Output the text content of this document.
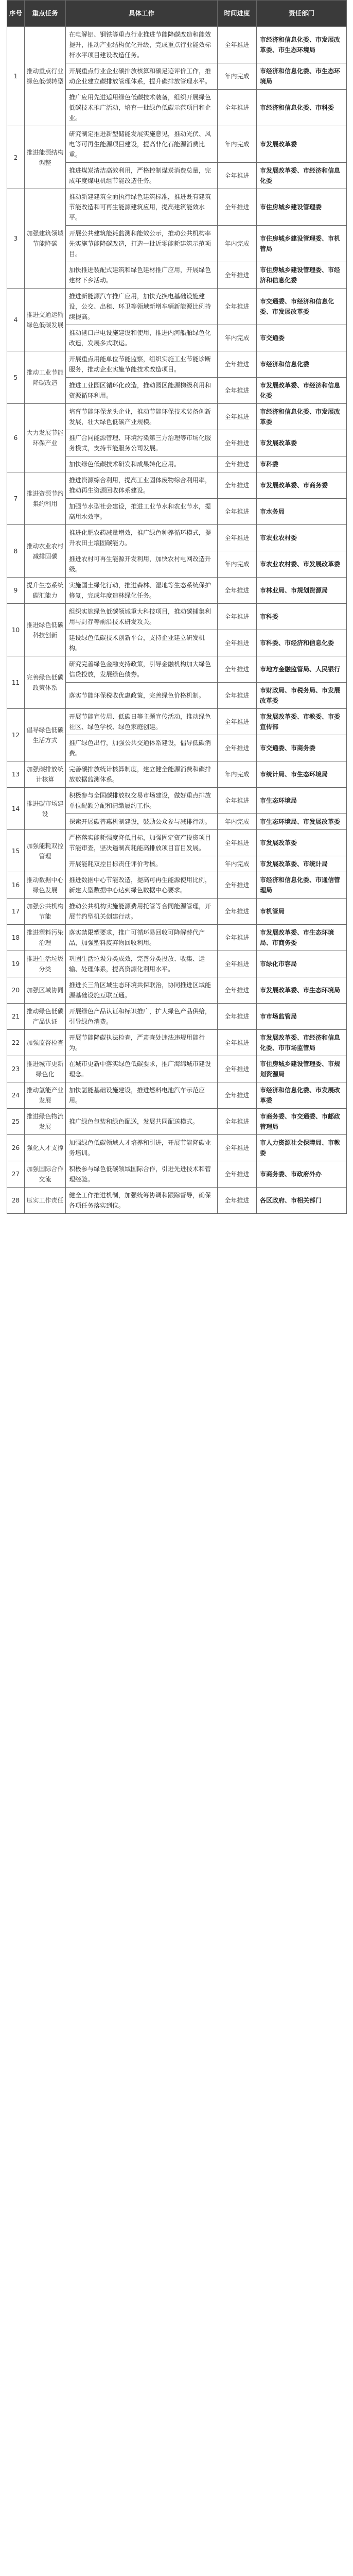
序号	重点任务	具体工作	时间进度	责任部门
1	推动重点行业绿色低碳转型	在电解铝、钢铁等重点行业推进节能降碳改造和能效提升，推动产业结构优化升级，完成重点行业能效标杆水平项目建设改造任务。	全年推进	市经济和信息化委、市发展改革委、市生态环境局
		开展重点行业企业碳排放核算和碳足迹评价工作，推动企业建立碳排放管理体系，提升碳排放管理水平。	年内完成	市经济和信息化委、市生态环境局
		推广应用先进适用绿色低碳技术装备，组织开展绿色低碳技术推广活动，培育一批绿色低碳示范项目和企业。	全年推进	市经济和信息化委、市科委
2	推进能源结构调整	研究制定推进新型储能发展实施意见，推动光伏、风电等可再生能源项目建设，提高非化石能源消费比重。	年内完成	市发展改革委
		推进煤炭清洁高效利用，严格控制煤炭消费总量，完成年度煤电机组节能改造任务。	全年推进	市发展改革委、市经济和信息化委
3	加强建筑领域节能降碳	推动新建建筑全面执行绿色建筑标准，推进既有建筑节能改造和可再生能源建筑应用，提高建筑能效水平。	全年推进	市住房城乡建设管理委
		开展公共建筑能耗监测和能效公示，推动公共机构率先实施节能降碳改造，打造一批近零能耗建筑示范项目。	年内完成	市住房城乡建设管理委、市机管局
		加快推进装配式建筑和绿色建材推广应用，开展绿色建材下乡活动。	全年推进	市住房城乡建设管理委、市经济和信息化委
4	推进交通运输绿色低碳发展	推进新能源汽车推广应用，加快充换电基础设施建设，公交、出租、环卫等领域新增车辆新能源比例持续提高。	全年推进	市交通委、市经济和信息化委、市发展改革委
		推动港口岸电设施建设和使用，推进内河船舶绿色化改造，发展多式联运。	年内完成	市交通委
5	推动工业节能降碳改造	开展重点用能单位节能监察，组织实施工业节能诊断服务，推动企业实施节能技术改造项目。	全年推进	市经济和信息化委
		推进工业园区循环化改造，推动园区能源梯级利用和资源循环利用。	全年推进	市发展改革委、市经济和信息化委
6	大力发展节能环保产业	培育节能环保龙头企业，推动节能环保技术装备创新发展，壮大绿色低碳产业规模。	全年推进	市经济和信息化委、市发展改革委
		推广合同能源管理、环境污染第三方治理等市场化服务模式，支持节能服务公司发展。	全年推进	市发展改革委
		加快绿色低碳技术研发和成果转化应用。	全年推进	市科委
7	推进资源节约集约利用	推进资源综合利用，提高工业固体废物综合利用率，推动再生资源回收体系建设。	全年推进	市发展改革委、市商务委
		加强节水型社会建设，推进工业节水和农业节水，提高用水效率。	全年推进	市水务局
8	推动农业农村减排固碳	推进化肥农药减量增效，推广绿色种养循环模式，提升农田土壤固碳能力。	全年推进	市农业农村委
		推进农村可再生能源开发利用，加快农村电网改造升级。	年内完成	市农业农村委、市发展改革委
9	提升生态系统碳汇能力	实施国土绿化行动，推进森林、湿地等生态系统保护修复，完成年度造林绿化任务。	全年推进	市林业局、市规划资源局
10	推进绿色低碳科技创新	组织实施绿色低碳领域重大科技项目，推动碳捕集利用与封存等前沿技术研发攻关。	全年推进	市科委
		建设绿色低碳技术创新平台，支持企业建立研发机构。	全年推进	市科委、市经济和信息化委
11	完善绿色低碳政策体系	研究完善绿色金融支持政策，引导金融机构加大绿色信贷投放，发展绿色债券。	全年推进	市地方金融监管局、人民银行
		落实节能环保税收优惠政策，完善绿色价格机制。	全年推进	市财政局、市税务局、市发展改革委
12	倡导绿色低碳生活方式	开展节能宣传周、低碳日等主题宣传活动，推动绿色社区、绿色学校、绿色家庭创建。	全年推进	市发展改革委、市教委、市委宣传部
		推广绿色出行，加强公共交通体系建设，倡导低碳消费。	全年推进	市交通委、市商务委
13	加强碳排放统计核算	完善碳排放统计核算制度，建立健全能源消费和碳排放数据监测体系。	年内完成	市统计局、市生态环境局
14	推进碳市场建设	积极参与全国碳排放权交易市场建设，做好重点排放单位配额分配和清缴履约工作。	全年推进	市生态环境局
		探索开展碳普惠机制建设，鼓励公众参与减排行动。	年内完成	市生态环境局、市发展改革委
15	加强能耗双控管理	严格落实能耗强度降低目标，加强固定资产投资项目节能审查，坚决遏制高耗能高排放项目盲目发展。	全年推进	市发展改革委
		开展能耗双控目标责任评价考核。	年内完成	市发展改革委、市统计局
16	推动数据中心绿色发展	推进数据中心节能改造，提高可再生能源使用比例，新建大型数据中心达到绿色数据中心要求。	全年推进	市经济和信息化委、市通信管理局
17	加强公共机构节能	推动公共机构实施能源费用托管等合同能源管理，开展节约型机关创建行动。	全年推进	市机管局
18	推进塑料污染治理	落实禁限塑要求，推广可循环易回收可降解替代产品，加强塑料废弃物回收利用。	全年推进	市发展改革委、市生态环境局、市商务委
19	推进生活垃圾分类	巩固生活垃圾分类成效，完善分类投放、收集、运输、处理体系，提高资源化利用水平。	全年推进	市绿化市容局
20	加强区域协同	推进长三角区域生态环境共保联治，协同推进区域能源基础设施互联互通。	全年推进	市发展改革委、市生态环境局
21	推动绿色低碳产品认证	开展绿色产品认证和标识推广，扩大绿色产品供给，引导绿色消费。	全年推进	市市场监管局
22	加强监督检查	开展节能降碳执法检查，严肃查处违法违规用能行为。	全年推进	市发展改革委、市经济和信息化委、市市场监管局
23	推进城市更新绿色化	在城市更新中落实绿色低碳要求，推广海绵城市建设理念。	全年推进	市住房城乡建设管理委、市规划资源局
24	推动氢能产业发展	加快氢能基础设施建设，推进燃料电池汽车示范应用。	全年推进	市经济和信息化委、市发展改革委
25	推进绿色物流发展	推广绿色包装和绿色配送，发展共同配送模式。	全年推进	市商务委、市交通委、市邮政管理局
26	强化人才支撑	加强绿色低碳领域人才培养和引进，开展节能降碳业务培训。	全年推进	市人力资源社会保障局、市教委
27	加强国际合作交流	积极参与绿色低碳领域国际合作，引进先进技术和管理经验。	全年推进	市商务委、市政府外办
28	压实工作责任	健全工作推进机制，加强统筹协调和跟踪督导，确保各项任务落实到位。	全年推进	各区政府、市相关部门
